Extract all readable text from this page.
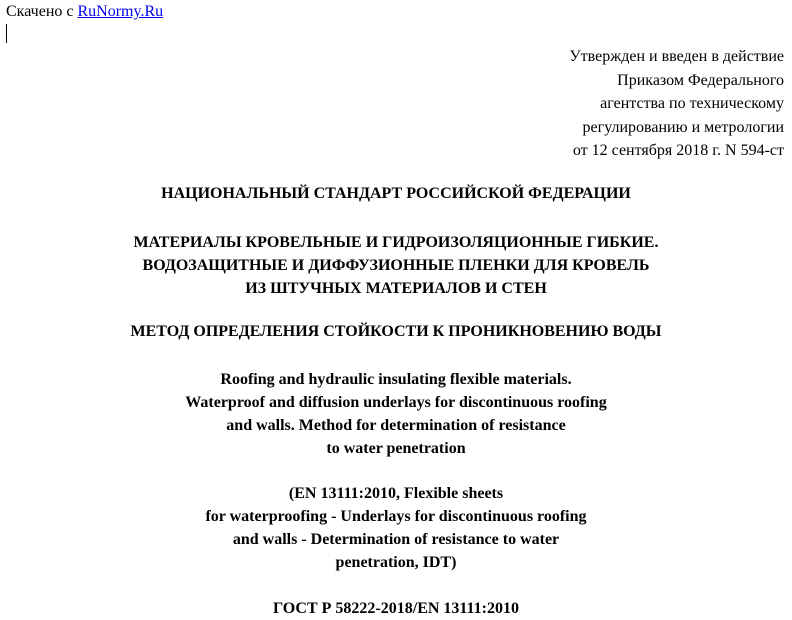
Скачено с RuNormy.Ru
Утвержден и введен в действие
Приказом Федерального
агентства по техническому
регулированию и метрологии
от 12 сентября 2018 г. N 594-ст
НАЦИОНАЛЬНЫЙ СТАНДАРТ РОССИЙСКОЙ ФЕДЕРАЦИИ
МАТЕРИАЛЫ КРОВЕЛЬНЫЕ И ГИДРОИЗОЛЯЦИОННЫЕ ГИБКИЕ.
ВОДОЗАЩИТНЫЕ И ДИФФУЗИОННЫЕ ПЛЕНКИ ДЛЯ КРОВЕЛЬ
ИЗ ШТУЧНЫХ МАТЕРИАЛОВ И СТЕН
МЕТОД ОПРЕДЕЛЕНИЯ СТОЙКОСТИ К ПРОНИКНОВЕНИЮ ВОДЫ
Roofing and hydraulic insulating flexible materials.
Waterproof and diffusion underlays for discontinuous roofing
and walls. Method for determination of resistance
to water penetration
(EN 13111:2010, Flexible sheets
for waterproofing - Underlays for discontinuous roofing
and walls - Determination of resistance to water
penetration, IDT)
ГОСТ Р 58222-2018/EN 13111:2010
